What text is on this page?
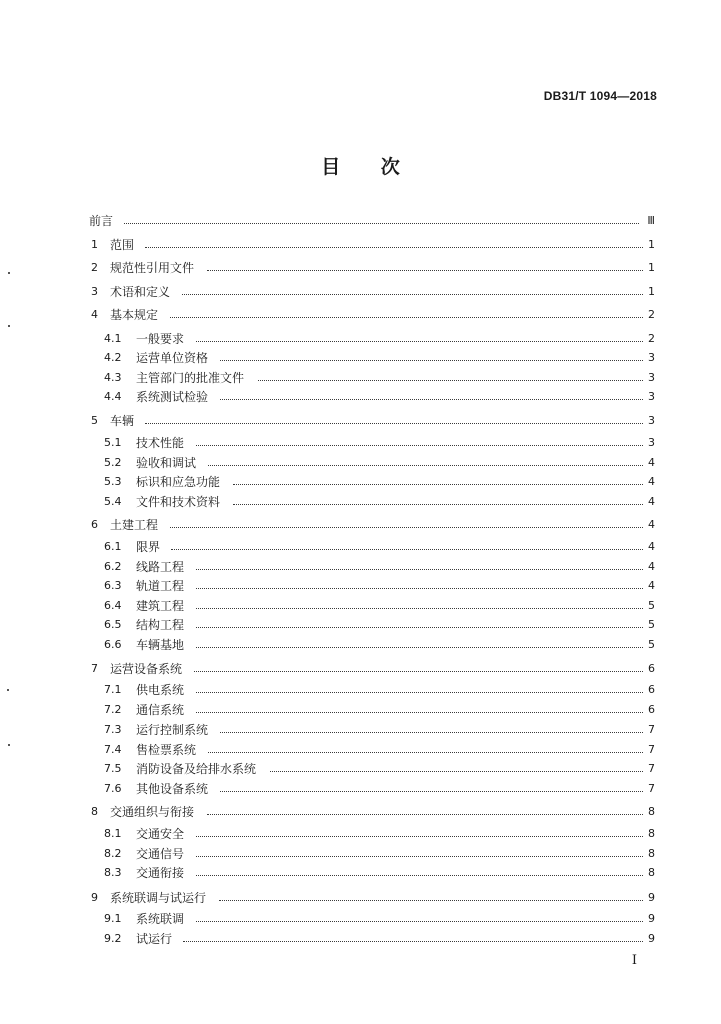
DB31/T 1094—2018
目 次
前言	Ⅲ
1 范围	1
2 规范性引用文件	1
3 术语和定义	1
4 基本规定	2
4.1 一般要求	2
4.2 运营单位资格	3
4.3 主管部门的批准文件	3
4.4 系统测试检验	3
5 车辆	3
5.1 技术性能	3
5.2 验收和调试	4
5.3 标识和应急功能	4
5.4 文件和技术资料	4
6 土建工程	4
6.1 限界	4
6.2 线路工程	4
6.3 轨道工程	4
6.4 建筑工程	5
6.5 结构工程	5
6.6 车辆基地	5
7 运营设备系统	6
7.1 供电系统	6
7.2 通信系统	6
7.3 运行控制系统	7
7.4 售检票系统	7
7.5 消防设备及给排水系统	7
7.6 其他设备系统	7
8 交通组织与衔接	8
8.1 交通安全	8
8.2 交通信号	8
8.3 交通衔接	8
9 系统联调与试运行	9
9.1 系统联调	9
9.2 试运行	9
I
